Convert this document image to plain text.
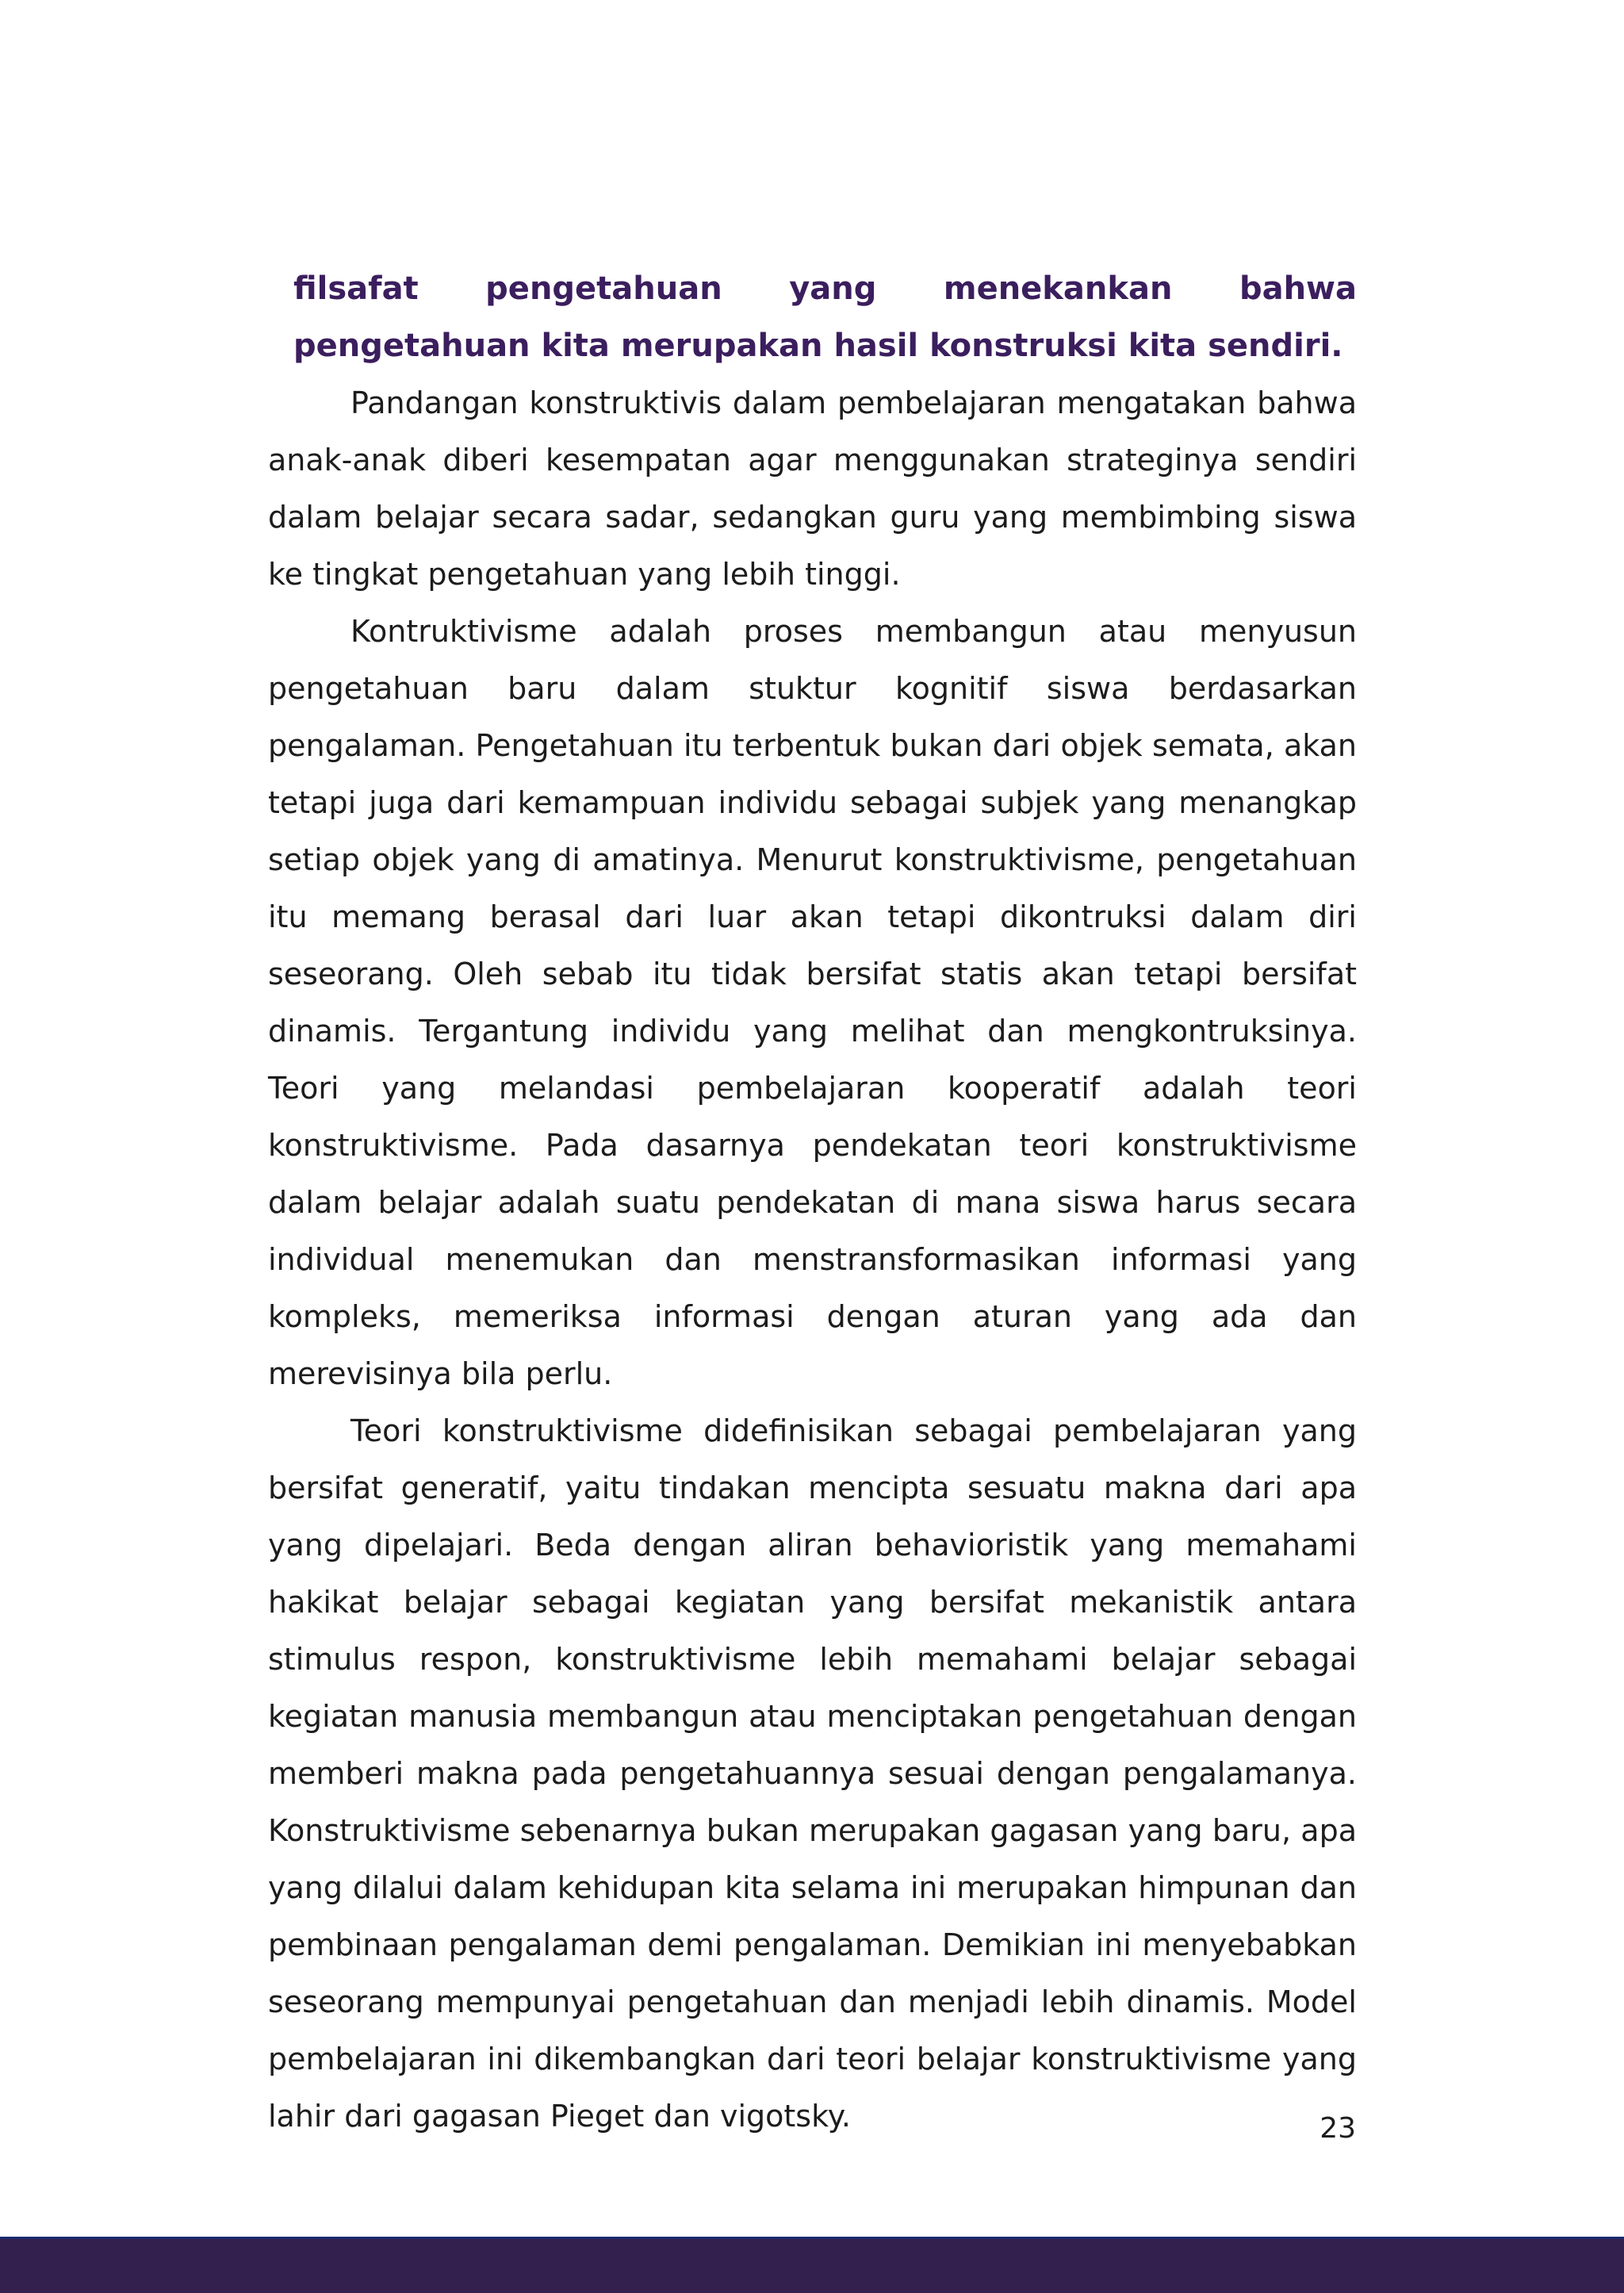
filsafat pengetahuan yang menekankan bahwa pengetahuan kita merupakan hasil konstruksi kita sendiri.

Pandangan konstruktivis dalam pembelajaran mengatakan bahwa anak-anak diberi kesempatan agar menggunakan strateginya sendiri dalam belajar secara sadar, sedangkan guru yang membimbing siswa ke tingkat pengetahuan yang lebih tinggi.

Kontruktivisme adalah proses membangun atau menyusun pengetahuan baru dalam stuktur kognitif siswa berdasarkan pengalaman. Pengetahuan itu terbentuk bukan dari objek semata, akan tetapi juga dari kemampuan individu sebagai subjek yang menangkap setiap objek yang di amatinya. Menurut konstruktivisme, pengetahuan itu memang berasal dari luar akan tetapi dikontruksi dalam diri seseorang. Oleh sebab itu tidak bersifat statis akan tetapi bersifat dinamis. Tergantung individu yang melihat dan mengkontruksinya. Teori yang melandasi pembelajaran kooperatif adalah teori konstruktivisme. Pada dasarnya pendekatan teori konstruktivisme dalam belajar adalah suatu pendekatan di mana siswa harus secara individual menemukan dan menstransformasikan informasi yang kompleks, memeriksa informasi dengan aturan yang ada dan merevisinya bila perlu.

Teori konstruktivisme didefinisikan sebagai pembelajaran yang bersifat generatif, yaitu tindakan mencipta sesuatu makna dari apa yang dipelajari. Beda dengan aliran behavioristik yang memahami hakikat belajar sebagai kegiatan yang bersifat mekanistik antara stimulus respon, konstruktivisme lebih memahami belajar sebagai kegiatan manusia membangun atau menciptakan pengetahuan dengan memberi makna pada pengetahuannya sesuai dengan pengalamanya. Konstruktivisme sebenarnya bukan merupakan gagasan yang baru, apa yang dilalui dalam kehidupan kita selama ini merupakan himpunan dan pembinaan pengalaman demi pengalaman. Demikian ini menyebabkan seseorang mempunyai pengetahuan dan menjadi lebih dinamis. Model pembelajaran ini dikembangkan dari teori belajar konstruktivisme yang lahir dari gagasan Pieget dan vigotsky.	23
